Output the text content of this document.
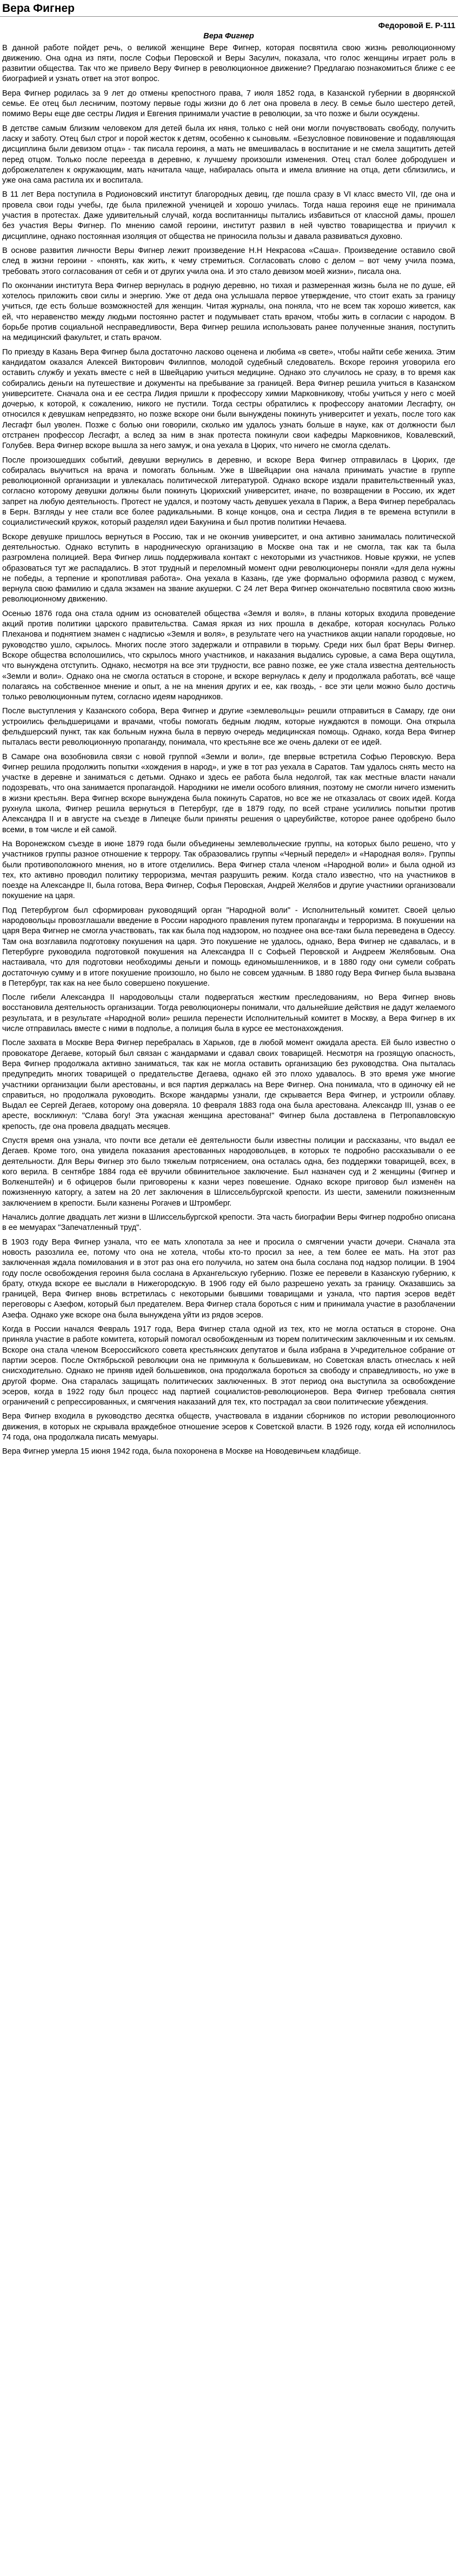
Вера Фигнер

Федоровой Е. Р-111

Вера Фигнер

В данной работе пойдет речь, о великой женщине Вере Фигнер, которая посвятила свою жизнь революционному движению. Она одна из пяти, после Софьи Перовской и Веры Засулич, показала, что голос женщины играет роль в развитии общества. Так что же привело Веру Фигнер в революционное движение? Предлагаю познакомиться ближе с ее биографией и узнать ответ на этот вопрос.

Вера Фигнер родилась за 9 лет до отмены крепостного права, 7 июля 1852 года, в Казанской губернии в дворянской семье. Ее отец был лесничим, поэтому первые годы жизни до 6 лет она провела в лесу. В семье было шестеро детей, помимо Веры еще две сестры Лидия и Евгения принимали участие в революции, за что позже и были осуждены.

В детстве самым близким человеком для детей была их няня, только с ней они могли почувствовать свободу, получить ласку и заботу. Отец был строг и порой жесток к детям, особенно к сыновьям. «Безусловное повиновение и подавляющая дисциплина были девизом отца» - так писала героиня, а мать не вмешивалась в воспитание и не смела защитить детей перед отцом. Только после переезда в деревню, к лучшему произошли изменения. Отец стал более добродушен и доброжелателен к окружающим, мать начитала чаще, набиралась опыта и имела влияние на отца, дети сблизились, и уже она сама растила их и воспитала.

В 11 лет Вера поступила в Родионовский институт благородных девиц, где пошла сразу в VI класс вместо VII, где она и провела свои годы учебы, где была прилежной ученицей и хорошо училась. Тогда наша героиня еще не принимала участия в протестах. Даже удивительный случай, когда воспитанницы пытались избавиться от классной дамы, прошел без участия Веры Фигнер. По мнению самой героини, институт развил в ней чувство товарищества и приучил к дисциплине, однако постоянная изоляция от общества не приносила пользы и давала развиваться духовно.

В основе развития личности Веры Фигнер лежит произведение Н.Н Некрасова «Саша». Произведение оставило свой след в жизни героини - «понять, как жить, к чему стремиться. Согласовать слово с делом – вот чему учила поэма, требовать этого согласования от себя и от других учила она. И это стало девизом моей жизни», писала она.

По окончании института Вера Фигнер вернулась в родную деревню, но тихая и размеренная жизнь была не по душе, ей хотелось приложить свои силы и энергию. Уже от деда она услышала первое утверждение, что стоит ехать за границу учиться, где есть больше возможностей для женщин. Читая журналы, она поняла, что не всем так хорошо живется, как ей, что неравенство между людьми постоянно растет и подумывает стать врачом, чтобы жить в согласии с народом. В борьбе против социальной несправедливости, Вера Фигнер решила использовать ранее полученные знания, поступить на медицинский факультет, и стать врачом.

По приезду в Казань Вера Фигнер была достаточно ласково оценена и любима «в свете», чтобы найти себе жениха. Этим кандидатом оказался Алексей Викторович Филиппов, молодой судебный следователь. Вскоре героиня уговорила его оставить службу и уехать вместе с ней в Швейцарию учиться медицине. Однако это случилось не сразу, в то время как собирались деньги на путешествие и документы на пребывание за границей. Вера Фигнер решила учиться в Казанском университете. Сначала она и ее сестра Лидия пришли к профессору химии Марковникову, чтобы учиться у него с моей дочерью, к которой, к сожалению, никого не пустили. Тогда сестры обратились к профессору анатомии Лесгафту, он относился к девушкам непредвзято, но позже вскоре они были вынуждены покинуть университет и уехать, после того как Лесгафт был уволен. Позже с болью они говорили, сколько им удалось узнать больше в науке, как от должности был отстранен профессор Лесгафт, а вслед за ним в знак протеста покинули свои кафедры Марковников, Ковалевский, Голубев. Вера Фигнер вскоре вышла за него замуж, и она уехала в Цюрих, что ничего не смогла сделать.

После произошедших событий, девушки вернулись в деревню, и вскоре Вера Фигнер отправилась в Цюрих, где собиралась выучиться на врача и помогать больным. Уже в Швейцарии она начала принимать участие в группе революционной организации и увлекалась политической литературой. Однако вскоре издали правительственный указ, согласно которому девушки должны были покинуть Цюрихский университет, иначе, по возвращении в Россию, их ждет запрет на любую деятельность. Протест не удался, и поэтому часть девушек уехала в Париж, а Вера Фигнер перебралась в Берн. Взгляды у нее стали все более радикальными. В конце концов, она и сестра Лидия в те времена вступили в социалистический кружок, который разделял идеи Бакунина и был против политики Нечаева.

Вскоре девушке пришлось вернуться в Россию, так и не окончив университет, и она активно занималась политической деятельностью. Однако вступить в народническую организацию в Москве она так и не смогла, так как та была разгромлена полицией. Вера Фигнер лишь поддерживала контакт с некоторыми из участников. Новые кружки, не успев образоваться тут же распадались. В этот трудный и переломный момент одни революционеры поняли «для дела нужны не победы, а терпение и кропотливая работа». Она уехала в Казань, где уже формально оформила развод с мужем, вернула свою фамилию и сдала экзамен на звание акушерки. С 24 лет Вера Фигнер окончательно посвятила свою жизнь революционному движению.

Осенью 1876 года она стала одним из основателей общества «Земля и воля», в планы которых входила проведение акций против политики царского правительства. Самая яркая из них прошла в декабре, которая коснулась Ролько Плехановa и поднятием знамен с надписью «Земля и воля», в результате чего на участников акции напали городовые, но руководство ушло, скрылось. Многих после этого задержали и отправили в тюрьму. Среди них был брат Веры Фигнер. Вскоре общества всполошились, что скрылось много участников, и наказания выдались суровые, а сама Вера ощутила, что вынуждена отступить. Однако, несмотря на все эти трудности, все равно позже, ее уже стала известна деятельность «Земли и воли». Однако она не смогла остаться в стороне, и вскоре вернулась к делу и продолжала работать, всё чаще полагаясь на собственное мнение и опыт, а не на мнения других и ее, как гвоздь, - все эти цели можно было достичь только революционным путем, согласно идеям народников.

После выступления у Казанского собора, Вера Фигнер и другие «землевольцы» решили отправиться в Самару, где они устроились фельдшерицами и врачами, чтобы помогать бедным людям, которые нуждаются в помощи. Она открыла фельдшерский пункт, так как больным нужна была в первую очередь медицинская помощь. Однако, когда Вера Фигнер пыталась вести революционную пропаганду, понимала, что крестьяне все же очень далеки от ее идей.

В Самаре она возобновила связи с новой группой «Земли и воли», где впервые встретила Софью Перовскую. Вера Фигнер решила продолжить попытки «хождения в народ», и уже в тот раз уехала в Саратов. Там удалось снять место на участке в деревне и заниматься с детьми. Однако и здесь ее работа была недолгой, так как местные власти начали подозревать, что она занимается пропагандой. Народники не имели особого влияния, поэтому не смогли ничего изменить в жизни крестьян. Вера Фигнер вскоре вынуждена была покинуть Саратов, но все же не отказалась от своих идей. Когда рухнула школа, Фигнер решила вернуться в Петербург, где в 1879 году, по всей стране усилились попытки против Александра II и в августе на съезде в Липецке были приняты решения о цареубийстве, которое ранее одобрено было всеми, в том числе и ей самой.

На Воронежском съезде в июне 1879 года были объединены землевольческие группы, на которых было решено, что у участников группы разное отношение к террору. Так образовались группы «Черный передел» и «Народная воля». Группы были противоположного мнения, но в итоге отделились. Вера Фигнер стала членом «Народной воли» и была одной из тех, кто активно проводил политику терроризма, мечтая разрушить режим. Когда стало известно, что на участников в поезде на Александре II, была готова, Вера Фигнер, Софья Перовская, Андрей Желябов и другие участники организовали покушение на царя.

Под Петербургом был сформирован руководящий орган "Народной воли" - Исполнительный комитет. Своей целью народовольцы провозглашали введение в России народного правления путем пропаганды и терроризма. В покушении на царя Вера Фигнер не смогла участвовать, так как была под надзором, но позднее она все-таки была переведена в Одессу. Там она возглавила подготовку покушения на царя. Это покушение не удалось, однако, Вера Фигнер не сдавалась, и в Петербурге руководила подготовкой покушения на Александра II с Софьей Перовской и Андреем Желябовым. Она настаивала, что для подготовки необходимы деньги и помощь единомышленников, и в 1880 году они сумели собрать достаточную сумму и в итоге покушение произошло, но было не совсем удачным. В 1880 году Вера Фигнер была вызвана в Петербург, так как на нее было совершено покушение.

После гибели Александра II народовольцы стали подвергаться жестким преследованиям, но Вера Фигнер вновь восстановила деятельность организации. Тогда революционеры понимали, что дальнейшие действия не дадут желаемого результата, и в результате «Народной воли» решила перенести Исполнительный комитет в Москву, а Вера Фигнер в их числе отправилась вместе с ними в подполье, а полиция была в курсе ее местонахождения.

После захвата в Москве Вера Фигнер перебралась в Харьков, где в любой момент ожидала ареста. Ей было известно о провокаторе Дегаеве, который был связан с жандармами и сдавал своих товарищей. Несмотря на грозящую опасность, Вера Фигнер продолжала активно заниматься, так как не могла оставить организацию без руководства. Она пыталась предупредить многих товарищей о предательстве Дегаева, однако ей это плохо удавалось. В это время уже многие участники организации были арестованы, и вся партия держалась на Вере Фигнер. Она понимала, что в одиночку ей не справиться, но продолжала руководить. Вскоре жандармы узнали, где скрывается Вера Фигнер, и устроили облаву. Выдал ее Сергей Дегаев, которому она доверяла. 10 февраля 1883 года она была арестована. Александр III, узнав о ее аресте, воскликнул: "Слава богу! Эта ужасная женщина арестована!" Фигнер была доставлена в Петропавловскую крепость, где она провела двадцать месяцев.

Спустя время она узнала, что почти все детали её деятельности были известны полиции и рассказаны, что выдал ее Дегаев. Кроме того, она увидела показания арестованных народовольцев, в которых те подробно рассказывали о ее деятельности. Для Веры Фигнер это было тяжелым потрясением, она осталась одна, без поддержки товарищей, всех, в кого верила. В сентябре 1884 года её вручили обвинительное заключение. Был назначен суд и 2 женщины (Фигнер и Волкенштейн) и 6 офицеров были приговорены к казни через повешение. Однако вскоре приговор был изменён на пожизненную каторгу, а затем на 20 лет заключения в Шлиссельбургской крепости. Из шести, заменили пожизненным заключением в крепости. Были казнены Рогачев и Штромберг.

Начались долгие двадцать лет жизни в Шлиссельбургской крепости. Эта часть биографии Веры Фигнер подробно описана в ее мемуарах "Запечатленный труд".

В 1903 году Вера Фигнер узнала, что ее мать хлопотала за нее и просила о смягчении участи дочери. Сначала эта новость разозлила ее, потому что она не хотела, чтобы кто-то просил за нее, а тем более ее мать. На этот раз заключенная ждала помилования и в этот раз она его получила, но затем она была сослана под надзор полиции. В 1904 году после освобождения героиня была сослана в Архангельскую губернию. Позже ее перевели в Казанскую губернию, к брату, откуда вскоре ее выслали в Нижегородскую. В 1906 году ей было разрешено уехать за границу. Оказавшись за границей, Вера Фигнер вновь встретилась с некоторыми бывшими товарищами и узнала, что партия эсеров ведёт переговоры с Азефом, который был предателем. Вера Фигнер стала бороться с ним и принимала участие в разоблачении Азефа. Однако уже вскоре она была вынуждена уйти из рядов эсеров.

Когда в России начался Февраль 1917 года, Вера Фигнер стала одной из тех, кто не могла остаться в стороне. Она приняла участие в работе комитета, который помогал освобожденным из тюрем политическим заключенным и их семьям. Вскоре она стала членом Всероссийского совета крестьянских депутатов и была избрана в Учредительное собрание от партии эсеров. После Октябрьской революции она не примкнула к большевикам, но Советская власть отнеслась к ней снисходительно. Однако не приняв идей большевиков, она продолжала бороться за свободу и справедливость, но уже в другой форме. Она старалась защищать политических заключенных. В этот период она выступила за освобождение эсеров, когда в 1922 году был процесс над партией социалистов-революционеров. Вера Фигнер требовала снятия ограничений с репрессированных, и смягчения наказаний для тех, кто пострадал за свои политические убеждения.

Вера Фигнер входила в руководство десятка обществ, участвовала в издании сборников по истории революционного движения, в которых не скрывала враждебное отношение эсеров к Советской власти. В 1926 году, когда ей исполнилось 74 года, она продолжала писать мемуары.

Вера Фигнер умерла 15 июня 1942 года, была похоронена в Москве на Новодевичьем кладбище.
